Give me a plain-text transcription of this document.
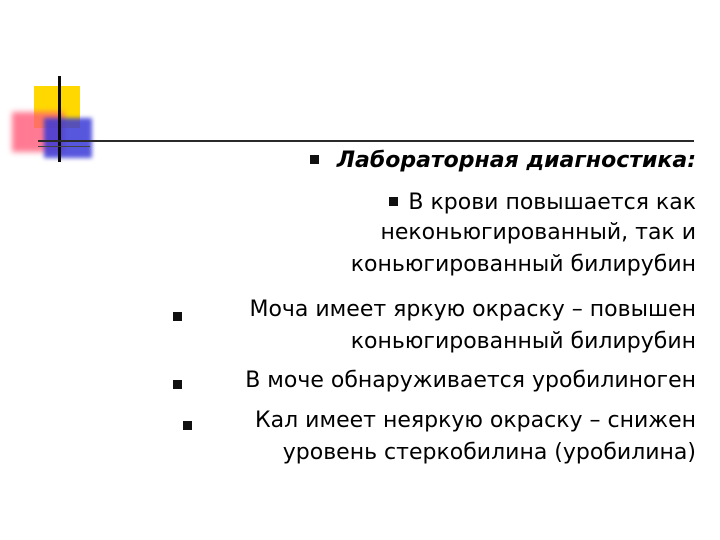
Лабораторная диагностика:
В крови повышается как
неконьюгированный, так и
коньюгированный билирубин
Моча имеет яркую окраску – повышен
коньюгированный билирубин
В моче обнаруживается уробилиноген
Кал имеет неяркую окраску – снижен
уровень стеркобилина (уробилина)
